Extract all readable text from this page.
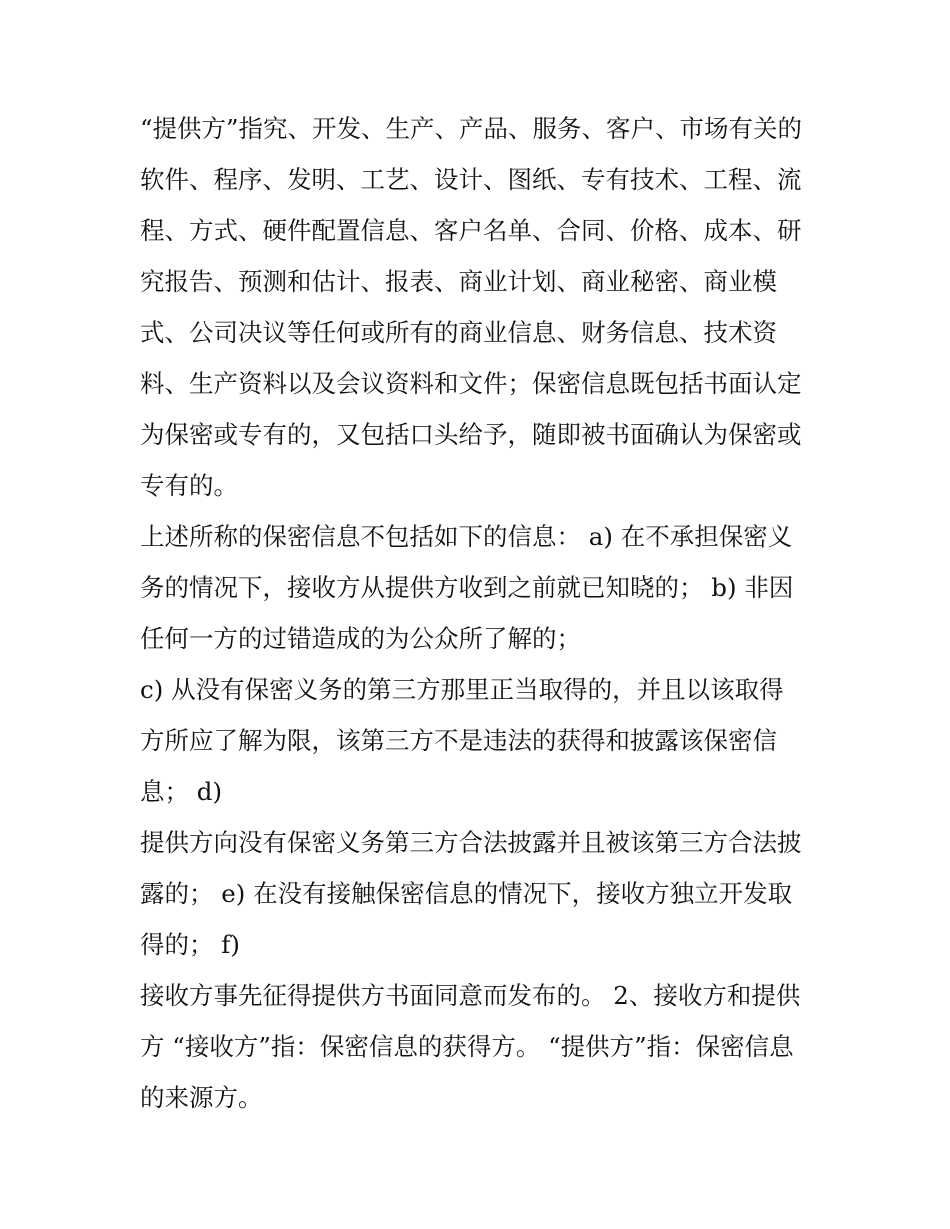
“提供方”指究、开发、生产、产品、服务、客户、市场有关的
软件、程序、发明、工艺、设计、图纸、专有技术、工程、流
程、方式、硬件配置信息、客户名单、合同、价格、成本、研
究报告、预测和估计、报表、商业计划、商业秘密、商业模
式、公司决议等任何或所有的商业信息、财务信息、技术资
料、生产资料以及会议资料和文件；保密信息既包括书面认定
为保密或专有的，又包括口头给予，随即被书面确认为保密或
专有的。
上述所称的保密信息不包括如下的信息： a) 在不承担保密义
务的情况下，接收方从提供方收到之前就已知晓的； b) 非因
任何一方的过错造成的为公众所了解的；
c) 从没有保密义务的第三方那里正当取得的，并且以该取得
方所应了解为限，该第三方不是违法的获得和披露该保密信
息； d)
提供方向没有保密义务第三方合法披露并且被该第三方合法披
露的； e) 在没有接触保密信息的情况下，接收方独立开发取
得的； f)
接收方事先征得提供方书面同意而发布的。 2、接收方和提供
方 “接收方”指：保密信息的获得方。 “提供方”指：保密信息
的来源方。
